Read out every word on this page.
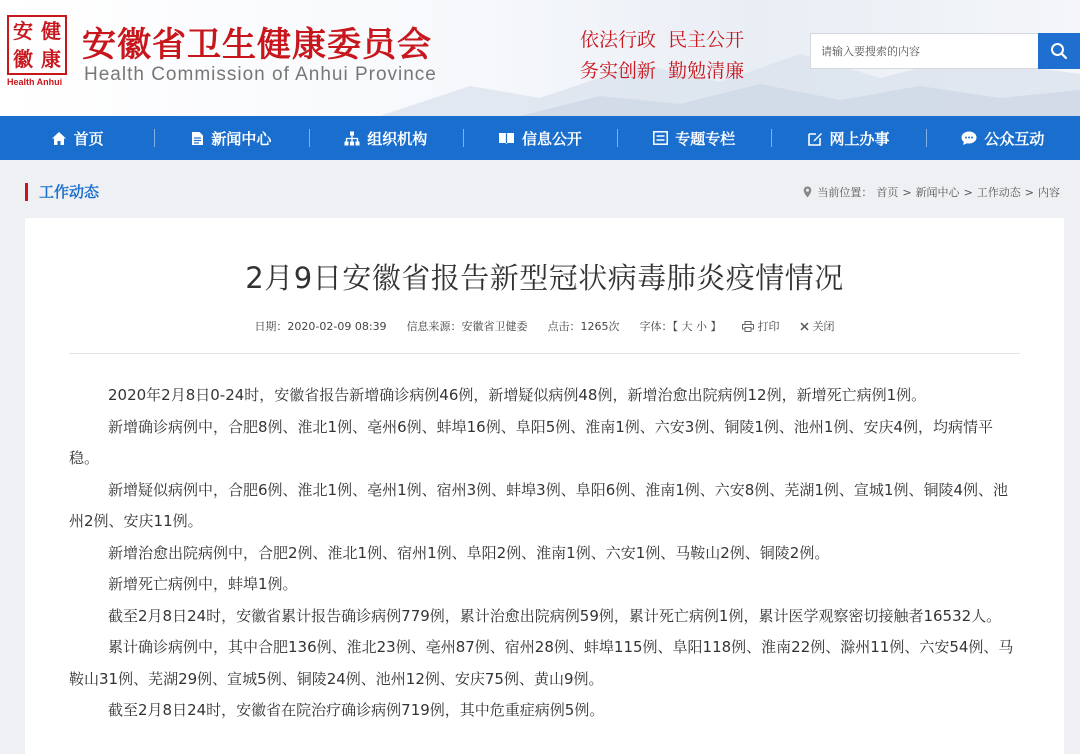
安 健
徽 康
Health Anhui
安徽省卫生健康委员会
Health Commission of Anhui Province
依法行政  民主公开
务实创新  勤勉清廉
请输入要搜索的内容
首页	新闻中心	组织机构	信息公开	专题专栏	网上办事	公众互动
工作动态	当前位置： 首页 > 新闻中心 > 工作动态 > 内容
2月9日安徽省报告新型冠状病毒肺炎疫情情况
日期：2020-02-09 08:39 信息来源：安徽省卫健委 点击：1265次 字体：【 大 小 】	打印	关闭

2020年2月8日0-24时，安徽省报告新增确诊病例46例，新增疑似病例48例，新增治愈出院病例12例，新增死亡病例1例。

新增确诊病例中，合肥8例、淮北1例、亳州6例、蚌埠16例、阜阳5例、淮南1例、六安3例、铜陵1例、池州1例、安庆4例，均病情平稳。

新增疑似病例中，合肥6例、淮北1例、亳州1例、宿州3例、蚌埠3例、阜阳6例、淮南1例、六安8例、芜湖1例、宣城1例、铜陵4例、池州2例、安庆11例。

新增治愈出院病例中，合肥2例、淮北1例、宿州1例、阜阳2例、淮南1例、六安1例、马鞍山2例、铜陵2例。

新增死亡病例中，蚌埠1例。

截至2月8日24时，安徽省累计报告确诊病例779例，累计治愈出院病例59例，累计死亡病例1例，累计医学观察密切接触者16532人。

累计确诊病例中，其中合肥136例、淮北23例、亳州87例、宿州28例、蚌埠115例、阜阳118例、淮南22例、滁州11例、六安54例、马鞍山31例、芜湖29例、宣城5例、铜陵24例、池州12例、安庆75例、黄山9例。

截至2月8日24时，安徽省在院治疗确诊病例719例，其中危重症病例5例。
